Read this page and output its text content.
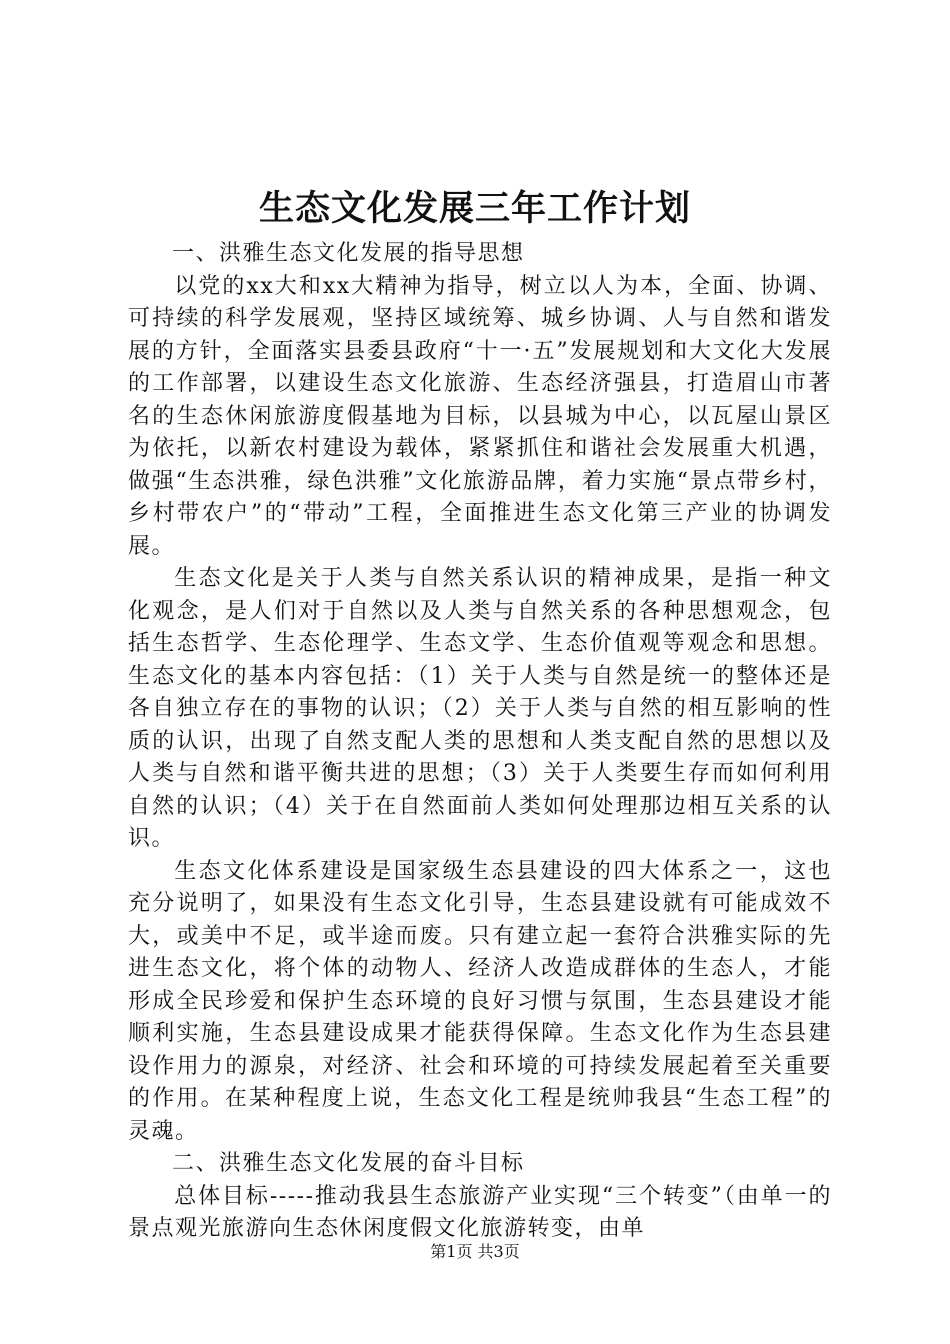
生态文化发展三年工作计划

一、洪雅生态文化发展的指导思想

以党的xx大和xx大精神为指导，树立以人为本，全面、协调、可持续的科学发展观，坚持区域统筹、城乡协调、人与自然和谐发展的方针，全面落实县委县政府“十一·五”发展规划和大文化大发展的工作部署，以建设生态文化旅游、生态经济强县，打造眉山市著名的生态休闲旅游度假基地为目标，以县城为中心，以瓦屋山景区为依托，以新农村建设为载体，紧紧抓住和谐社会发展重大机遇，做强“生态洪雅，绿色洪雅”文化旅游品牌，着力实施“景点带乡村，乡村带农户”的“带动”工程，全面推进生态文化第三产业的协调发展。

生态文化是关于人类与自然关系认识的精神成果，是指一种文化观念，是人们对于自然以及人类与自然关系的各种思想观念，包括生态哲学、生态伦理学、生态文学、生态价值观等观念和思想。生态文化的基本内容包括：（1）关于人类与自然是统一的整体还是各自独立存在的事物的认识；（2）关于人类与自然的相互影响的性质的认识，出现了自然支配人类的思想和人类支配自然的思想以及人类与自然和谐平衡共进的思想；（3）关于人类要生存而如何利用自然的认识；（4）关于在自然面前人类如何处理那边相互关系的认识。

生态文化体系建设是国家级生态县建设的四大体系之一，这也充分说明了，如果没有生态文化引导，生态县建设就有可能成效不大，或美中不足，或半途而废。只有建立起一套符合洪雅实际的先进生态文化，将个体的动物人、经济人改造成群体的生态人，才能形成全民珍爱和保护生态环境的良好习惯与氛围，生态县建设才能顺利实施，生态县建设成果才能获得保障。生态文化作为生态县建设作用力的源泉，对经济、社会和环境的可持续发展起着至关重要的作用。在某种程度上说，生态文化工程是统帅我县“生态工程”的灵魂。

二、洪雅生态文化发展的奋斗目标

总体目标-----推动我县生态旅游产业实现“三个转变”（由单一的景点观光旅游向生态休闲度假文化旅游转变，由单

第1页 共3页
